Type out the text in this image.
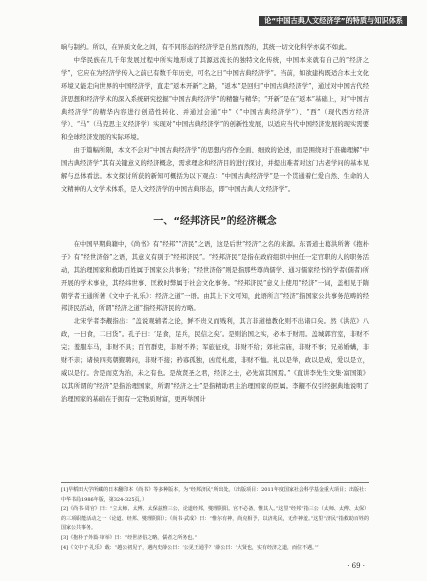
论“中国古典人文经济学”的特质与知识体系

晌与制约。所以，在异质文化之间，有不同形态的经济学是自然而然的，其统一切文化科学亦莫不如此。

中华民族在几千年发展过程中所实地形成了其源远流长的独特文化传统，中国本来就有自己的“经济之学”，它应在为经济学传入之前已有数千年历史，可名之日“中国古典经济学”。当前，如欲建构既适合本土文化环境又能走向世界的中国经济学，直走“返本开新”之路，“返本”是回归“中国古典经济学”，通过对中国古代经济思想和经济学术的深入系统研究挖掘“中国古典经济学”的精髓与精华；“开新”是在“返本”基础上，对“中国古典经济学”的精华内容进行创造性转化、并通过会通“中”（“中国古典经济学”）、“西”（现代西方经济学）、“马”（马克思主义经济学）实现对“中国古典经济学”的创新性发展，以适应当代中国经济发展的现实需要和全球经济发展的实际环境。

由于篇幅所限，本文不会对“中国古典经济学”的思想内容作全面、细致的论述，而是围绕对于准确理解“中国古典经济学”其有关键意义的经济概念，需求理念和经济目的进行探讨，并提出难者对这门古老学问的基本见解与总体看法。本文探讨所获的新知可概括为以下观点：“中国古典经济学”是一个贯通着仁爱自然、生命的人文精神的人文学术体系，是人文经济学的中国古典形态，即“中国古典人文经济学”。

一、“经邦济民”的经济概念

在中国早期典籍中，《尚书》有“经邦”“济民”之语，这是后世“经济”之名的来源。东晋道士葛洪所著《抱朴子》有“经世济俗”之语，其意义有别于“经邦济民”。“经邦济民”是指在政府组织中担任一定官职的人的职务活动，其治理国家和救助百姓属于国家公共事务；“经世济俗”则是指那些尊尚儒学、通习儒家经书的学者(儒者)所开展的学术事业，其经纬世事、匡救时弊属于社会文化事务。“经邦济民”意义上使用“经济”一词，盖相见于隋朝学者王通所著《文中子·礼乐》：经济之道”一语。由其上下文可知，此语所言“经济”指国家公共事务范畴的经邦济民活动，所谓“经济之道”指经邦济民的方略。

北宋学者李觏指出：“盖说观辅者之论，鲜不贵义而贱利，其言非道德教化则不出诸口矣。然《洪范》八政，一曰食，二曰货”。孔子曰：‘足食，足兵，民信之矣’。是则治国之实，必本于财用。盖城郭宫室，非财不完；羞服车马，非财不具；百官群吏，非财不养；军旅征戍，非财不给；郊社宗庙，非财不事；兄弟婚媾，非财不亲；诸侯四夷朝觐聘问，非财不接；矜寡孤独，凶荒札瘥，非财不恤。礼以是举，政以是成，爱以是立，威以是行。舍是而克为治，未之有也。是故贤圣之君，经济之士，必先富其国焉。”《直讲李先生文集·富国策》以其所谓的“经济”是指治理国家，所谓“经济之士”是指精助君主治理国家的臣属。李觏不仅引经据典地说明了治理国家的基础在于拥有一定物质财富，更再举国计

[1]早稻田大学所藏的日本翻印本《尚书》等多种版本，为“经邦济民”所出处。（出版项目：2011年度国家社会科学基金重大项目；出版社：中华书局1986年版，第324-325页。）

[2]《尚书·周官》曰：“立太师、太傅、太保兹惟三公，论道经邦，燮理阴阳。官不必备，惟其人。”这里“经邦”指三公（太师、太傅、太保）的三项职能活动之一（论道、经邦、燮理阴阳）；《尚书·武成》曰：“惟尔有神，尚克相予，以济兆民，无作神羞。”这里“济民”指救助百姓的国家公共事务。

[3]《抱朴子外篇·审举》曰：“经世济俗之略，儒者之所务也。”

[4]《文中子·礼乐》载：“越公初见子，遇内史薛公曰：‘公见王通乎？’薛公曰：‘大贤也，实有经济之道，而位不遇。’”

· 69 ·
